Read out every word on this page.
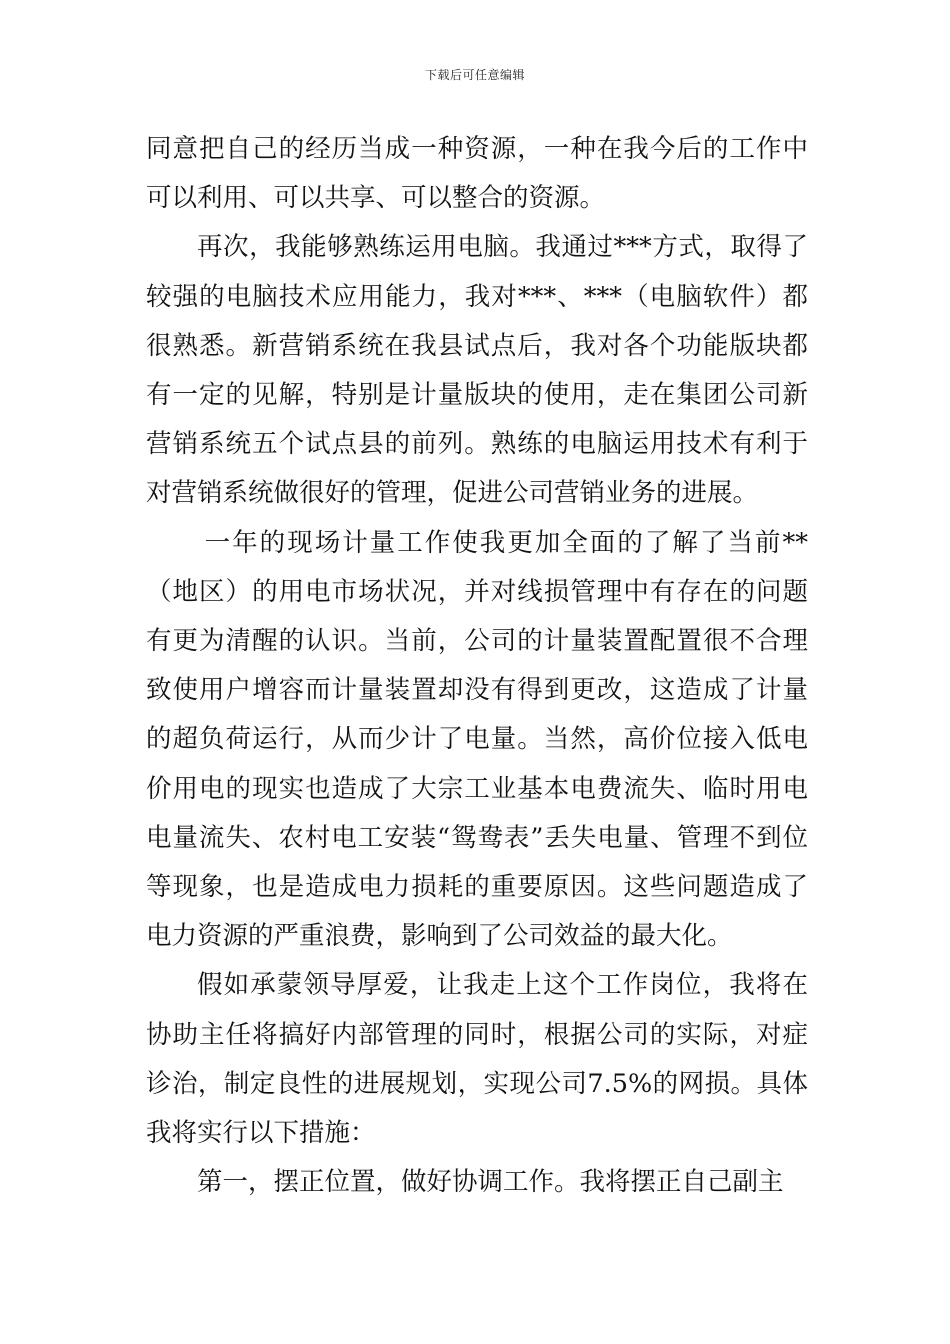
下载后可任意编辑

同意把自己的经历当成一种资源，一种在我今后的工作中可以利用、可以共享、可以整合的资源。

再次，我能够熟练运用电脑。我通过***方式，取得了较强的电脑技术应用能力，我对***、***（电脑软件）都很熟悉。新营销系统在我县试点后，我对各个功能版块都有一定的见解，特别是计量版块的使用，走在集团公司新营销系统五个试点县的前列。熟练的电脑运用技术有利于对营销系统做很好的管理，促进公司营销业务的进展。

一年的现场计量工作使我更加全面的了解了当前**（地区）的用电市场状况，并对线损管理中有存在的问题有更为清醒的认识。当前，公司的计量装置配置很不合理致使用户增容而计量装置却没有得到更改，这造成了计量的超负荷运行，从而少计了电量。当然，高价位接入低电价用电的现实也造成了大宗工业基本电费流失、临时用电电量流失、农村电工安装“鸳鸯表”丢失电量、管理不到位等现象，也是造成电力损耗的重要原因。这些问题造成了电力资源的严重浪费，影响到了公司效益的最大化。

假如承蒙领导厚爱，让我走上这个工作岗位，我将在协助主任将搞好内部管理的同时，根据公司的实际，对症诊治，制定良性的进展规划，实现公司7.5%的网损。具体我将实行以下措施：

第一，摆正位置，做好协调工作。我将摆正自己副主
